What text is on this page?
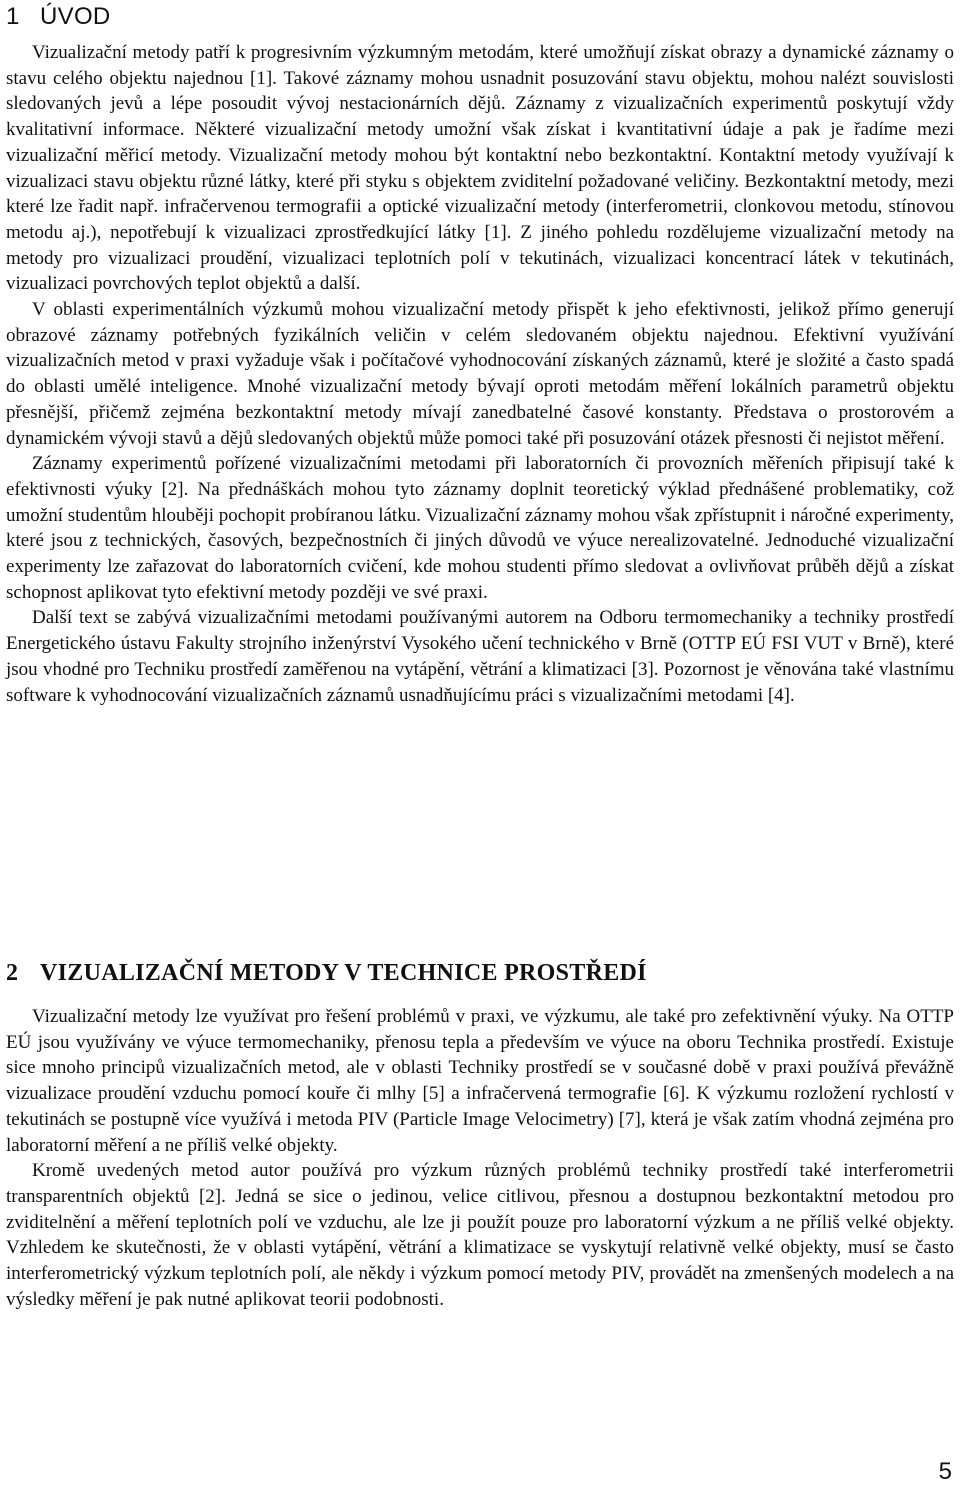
1 ÚVOD

Vizualizační metody patří k progresivním výzkumným metodám, které umožňují získat obrazy a dynamické záznamy o stavu celého objektu najednou [1]. Takové záznamy mohou usnadnit posuzování stavu objektu, mohou nalézt souvislosti sledovaných jevů a lépe posoudit vývoj nestacionárních dějů. Záznamy z vizualizačních experimentů poskytují vždy kvalitativní informace. Některé vizualizační metody umožní však získat i kvantitativní údaje a pak je řadíme mezi vizualizační měřicí metody. Vizualizační metody mohou být kontaktní nebo bezkontaktní. Kontaktní metody využívají k vizualizaci stavu objektu různé látky, které při styku s objektem zviditelní požadované veličiny. Bezkontaktní metody, mezi které lze řadit např. infračervenou termografii a optické vizualizační metody (interferometrii, clonkovou metodu, stínovou metodu aj.), nepotřebují k vizualizaci zprostředkující látky [1]. Z jiného pohledu rozdělujeme vizualizační metody na metody pro vizualizaci proudění, vizualizaci teplotních polí v tekutinách, vizualizaci koncentrací látek v tekutinách, vizualizaci povrchových teplot objektů a další.

V oblasti experimentálních výzkumů mohou vizualizační metody přispět k jeho efektivnosti, jelikož přímo generují obrazové záznamy potřebných fyzikálních veličin v celém sledovaném objektu najednou. Efektivní využívání vizualizačních metod v praxi vyžaduje však i počítačové vyhodnocování získaných záznamů, které je složité a často spadá do oblasti umělé inteligence. Mnohé vizualizační metody bývají oproti metodám měření lokálních parametrů objektu přesnější, přičemž zejména bezkontaktní metody mívají zanedbatelné časové konstanty. Představa o prostorovém a dynamickém vývoji stavů a dějů sledovaných objektů může pomoci také při posuzování otázek přesnosti či nejistot měření.

Záznamy experimentů pořízené vizualizačními metodami při laboratorních či provozních měřeních připisují také k efektivnosti výuky [2]. Na přednáškách mohou tyto záznamy doplnit teoretický výklad přednášené problematiky, což umožní studentům hlouběji pochopit probíranou látku. Vizualizační záznamy mohou však zpřístupnit i náročné experimenty, které jsou z technických, časových, bezpečnostních či jiných důvodů ve výuce nerealizovatelné. Jednoduché vizualizační experimenty lze zařazovat do laboratorních cvičení, kde mohou studenti přímo sledovat a ovlivňovat průběh dějů a získat schopnost aplikovat tyto efektivní metody později ve své praxi.

Další text se zabývá vizualizačními metodami používanými autorem na Odboru termomechaniky a techniky prostředí Energetického ústavu Fakulty strojního inženýrství Vysokého učení technického v Brně (OTTP EÚ FSI VUT v Brně), které jsou vhodné pro Techniku prostředí zaměřenou na vytápění, větrání a klimatizaci [3]. Pozornost je věnována také vlastnímu software k vyhodnocování vizualizačních záznamů usnadňujícímu práci s vizualizačními metodami [4].

2 VIZUALIZAČNÍ METODY V TECHNICE PROSTŘEDÍ

Vizualizační metody lze využívat pro řešení problémů v praxi, ve výzkumu, ale také pro zefektivnění výuky. Na OTTP EÚ jsou využívány ve výuce termomechaniky, přenosu tepla a především ve výuce na oboru Technika prostředí. Existuje sice mnoho principů vizualizačních metod, ale v oblasti Techniky prostředí se v současné době v praxi používá převážně vizualizace proudění vzduchu pomocí kouře či mlhy [5] a infračervená termografie [6]. K výzkumu rozložení rychlostí v tekutinách se postupně více využívá i metoda PIV (Particle Image Velocimetry) [7], která je však zatím vhodná zejména pro laboratorní měření a ne příliš velké objekty.

Kromě uvedených metod autor používá pro výzkum různých problémů techniky prostředí také interferometrii transparentních objektů [2]. Jedná se sice o jedinou, velice citlivou, přesnou a dostupnou bezkontaktní metodou pro zviditelnění a měření teplotních polí ve vzduchu, ale lze ji použít pouze pro laboratorní výzkum a ne příliš velké objekty. Vzhledem ke skutečnosti, že v oblasti vytápění, větrání a klimatizace se vyskytují relativně velké objekty, musí se často interferometrický výzkum teplotních polí, ale někdy i výzkum pomocí metody PIV, provádět na zmenšených modelech a na výsledky měření je pak nutné aplikovat teorii podobnosti.

5
